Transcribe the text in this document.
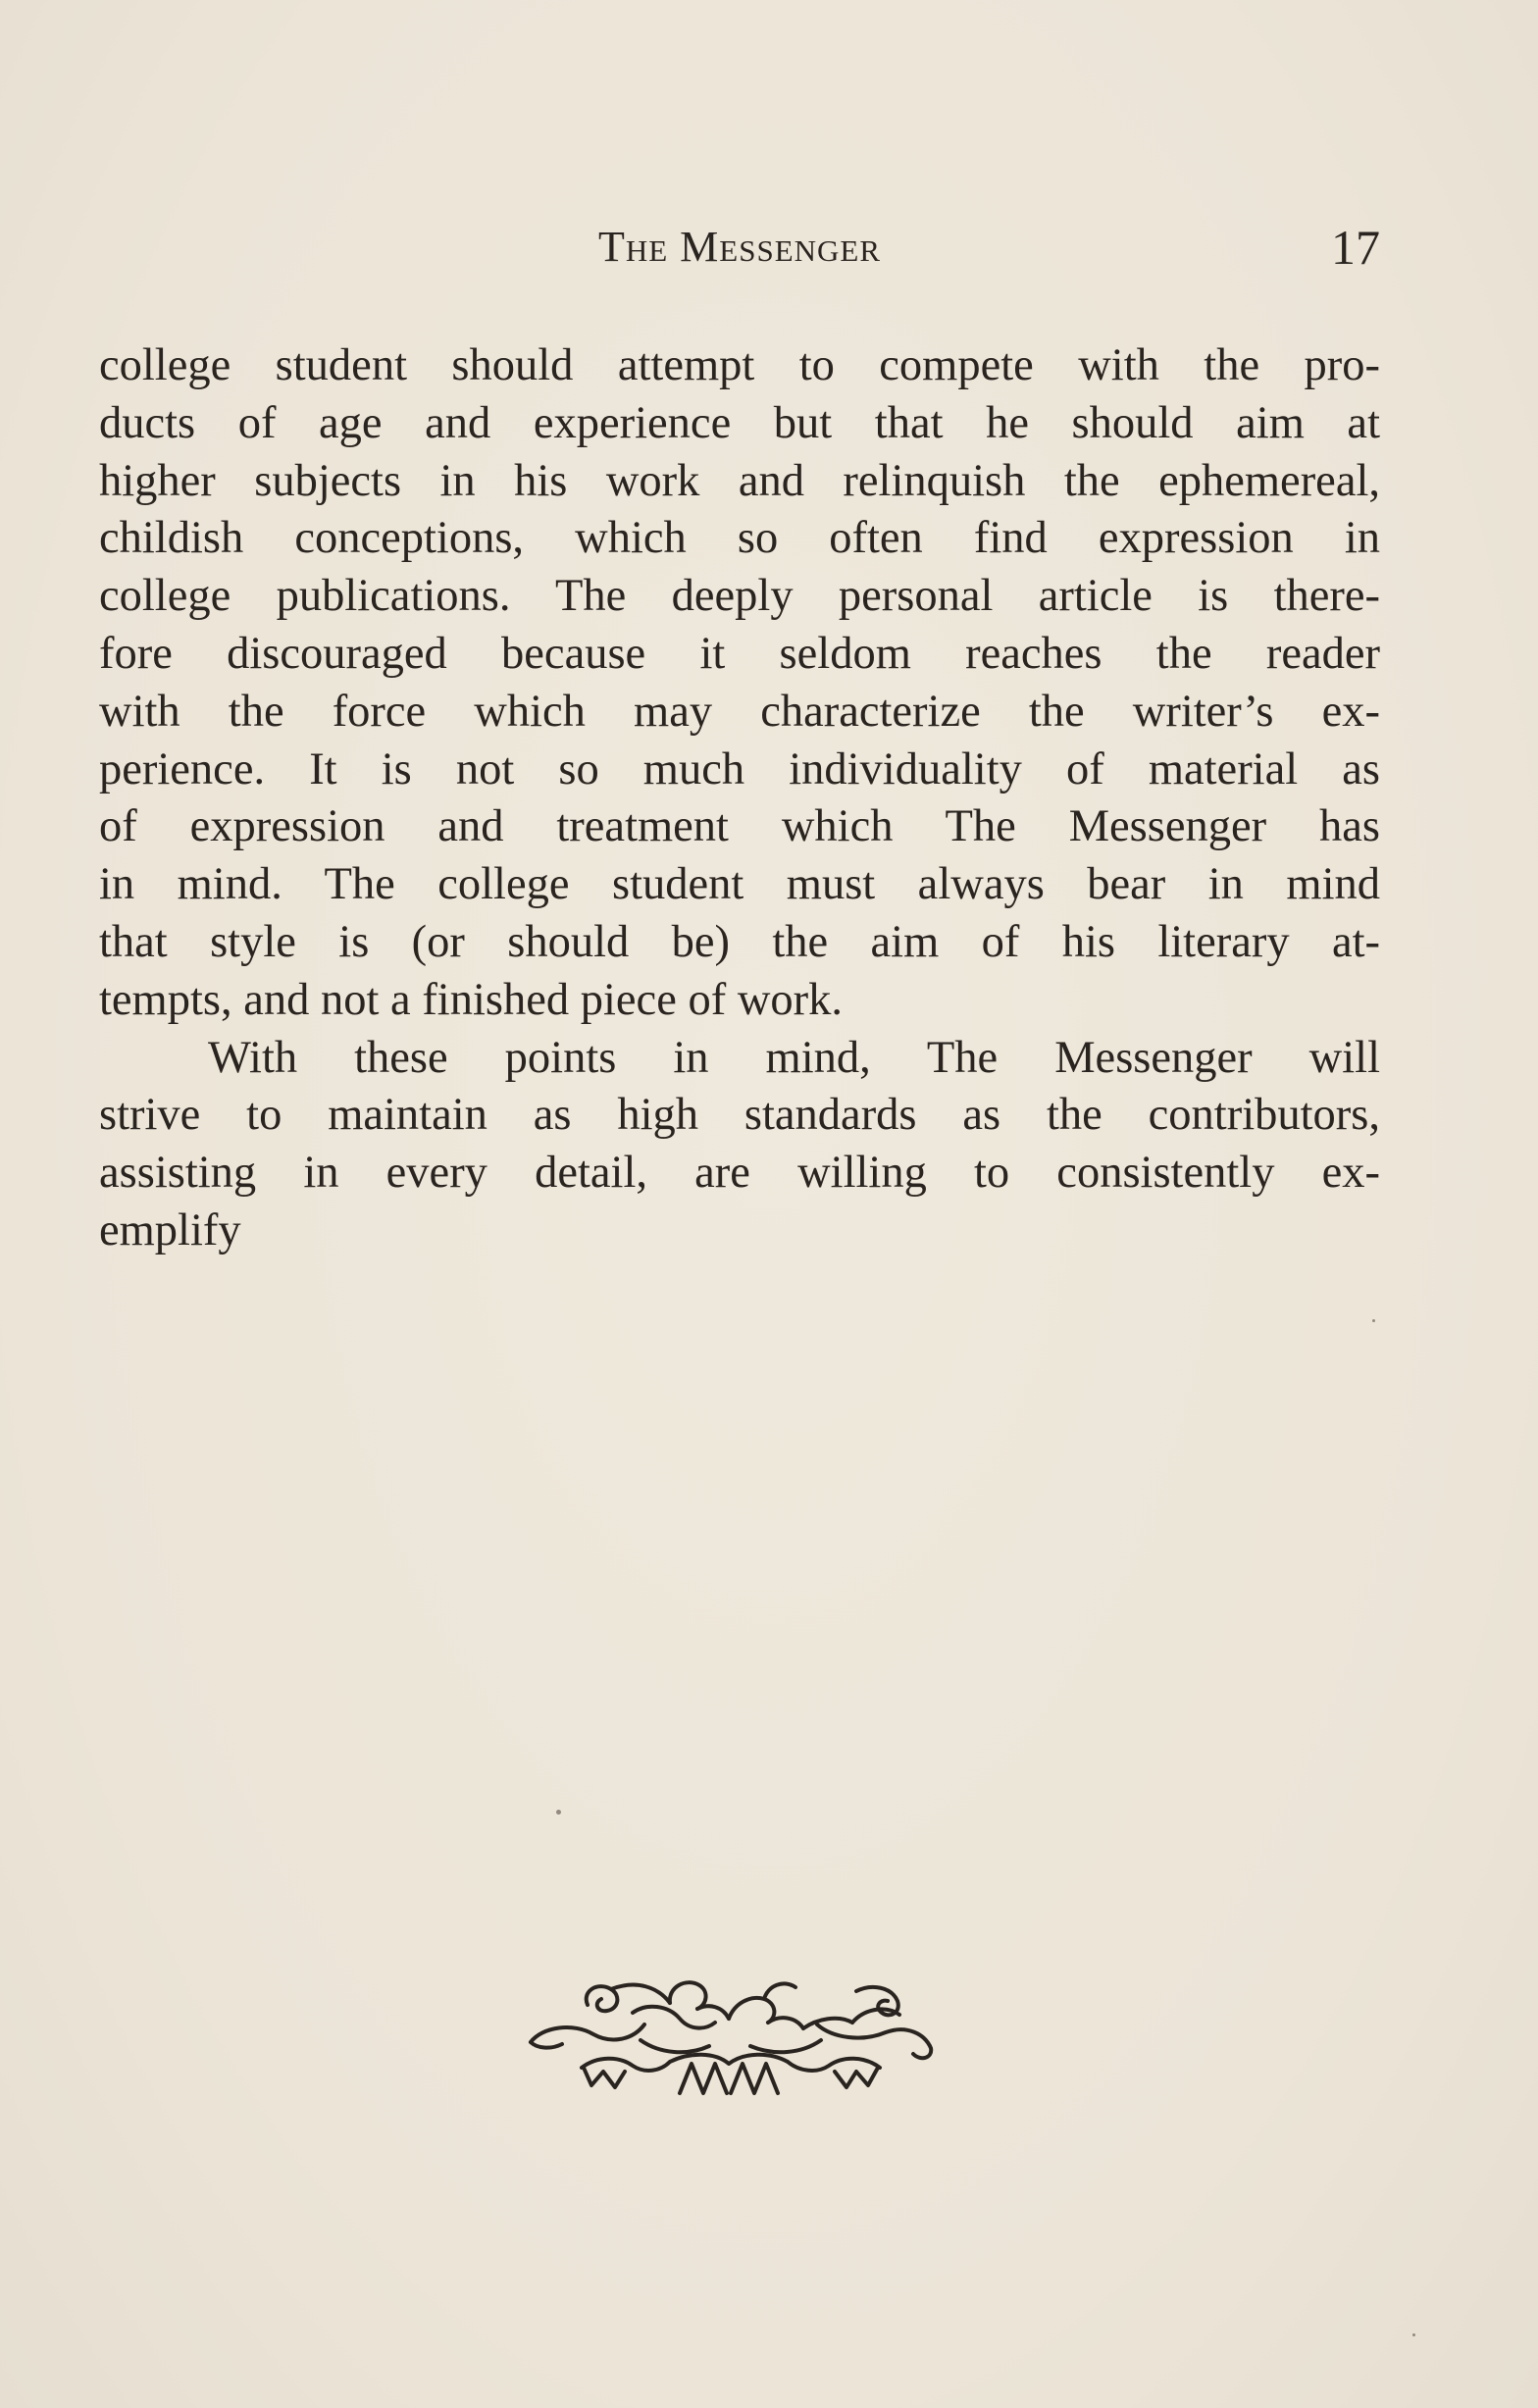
The Messenger	17
college student should attempt to compete with the pro-
ducts of age and experience but that he should aim at
higher subjects in his work and relinquish the ephemereal,
childish conceptions, which so often find expression in
college publications. The deeply personal article is there-
fore discouraged because it seldom reaches the reader
with the force which may characterize the writer’s ex-
perience. It is not so much individuality of material as
of expression and treatment which The Messenger has
in mind. The college student must always bear in mind
that style is (or should be) the aim of his literary at-
tempts, and not a finished piece of work.
With these points in mind, The Messenger will
strive to maintain as high standards as the contributors,
assisting in every detail, are willing to consistently ex-
emplify
